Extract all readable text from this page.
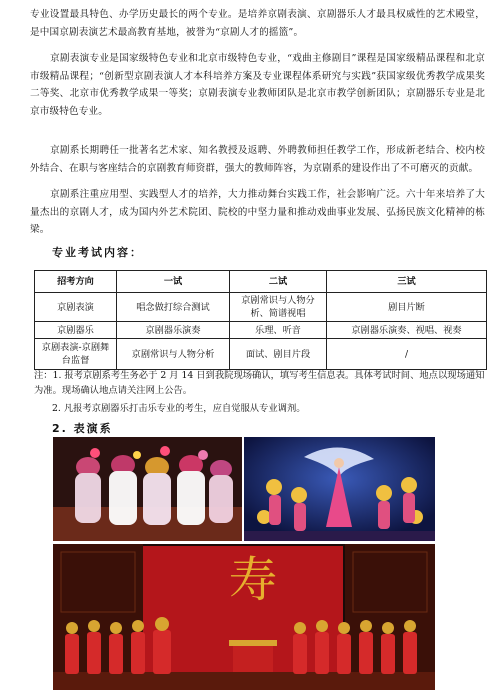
专业设置最具特色、办学历史最长的两个专业。是培养京剧表演、京剧器乐人才最具权威性的艺术殿堂，是中国京剧表演艺术最高教育基地，被誉为“京剧人才的摇篮”。

京剧表演专业是国家级特色专业和北京市级特色专业，“戏曲主修剧目”课程是国家级精品课程和北京市级精品课程；“创新型京剧表演人才本科培养方案及专业课程体系研究与实践”获国家级优秀教学成果奖二等奖、北京市优秀教学成果一等奖；京剧表演专业教师团队是北京市教学创新团队；京剧器乐专业是北京市级特色专业。

京剧系长期聘任一批著名艺术家、知名教授及返聘、外聘教师担任教学工作，形成新老结合、校内校外结合、在职与客座结合的京剧教育师资群，强大的教师阵容，为京剧系的建设作出了不可磨灭的贡献。

京剧系注重应用型、实践型人才的培养，大力推动舞台实践工作，社会影响广泛。六十年来培养了大量杰出的京剧人才，成为国内外艺术院团、院校的中坚力量和推动戏曲事业发展、弘扬民族文化精神的栋梁。

专业考试内容：
招考方向	一试	二试	三试
京剧表演	唱念做打综合测试	京剧常识与人物分析、简谱视唱	剧目片断
京剧器乐	京剧器乐演奏	乐理、听音	京剧器乐演奏、视唱、视奏
京剧表演-京剧舞台监督	京剧常识与人物分析	面试、剧目片段	/

注：1. 报考京剧系考生务必于 2 月 14 日到我院现场确认，填写考生信息表。具体考试时间、地点以现场通知为准。现场确认地点请关注网上公告。

2. 凡报考京剧器乐打击乐专业的考生，应自觉服从专业调剂。

2. 表演系
寿
